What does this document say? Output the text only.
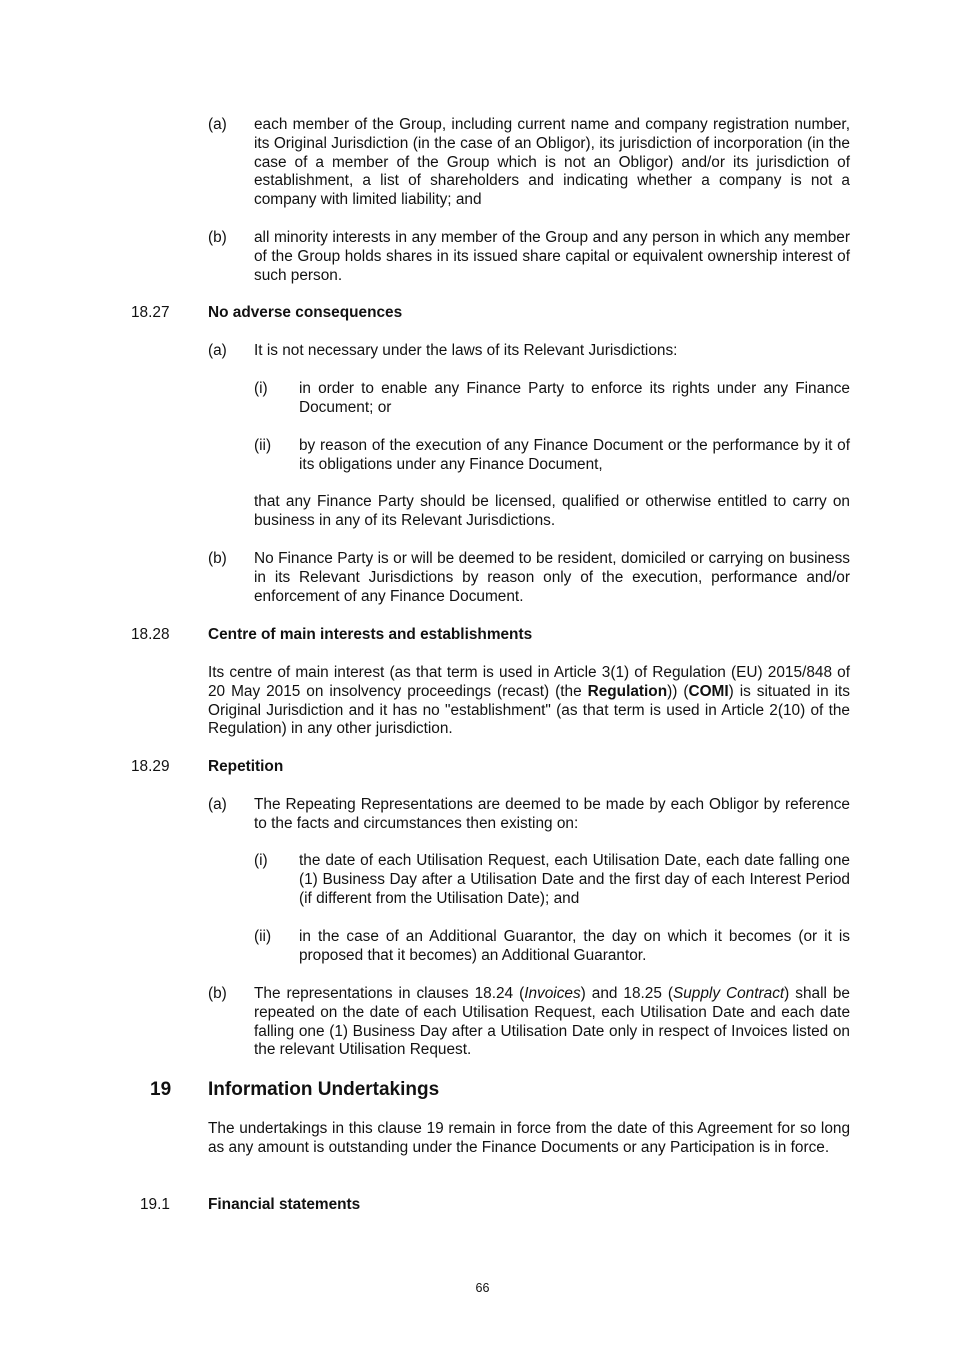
(a) each member of the Group, including current name and company registration number, its Original Jurisdiction (in the case of an Obligor), its jurisdiction of incorporation (in the case of a member of the Group which is not an Obligor) and/or its jurisdiction of establishment, a list of shareholders and indicating whether a company is not a company with limited liability; and
(b) all minority interests in any member of the Group and any person in which any member of the Group holds shares in its issued share capital or equivalent ownership interest of such person.
18.27 No adverse consequences
(a) It is not necessary under the laws of its Relevant Jurisdictions:
(i) in order to enable any Finance Party to enforce its rights under any Finance Document; or
(ii) by reason of the execution of any Finance Document or the performance by it of its obligations under any Finance Document,
that any Finance Party should be licensed, qualified or otherwise entitled to carry on business in any of its Relevant Jurisdictions.
(b) No Finance Party is or will be deemed to be resident, domiciled or carrying on business in its Relevant Jurisdictions by reason only of the execution, performance and/or enforcement of any Finance Document.
18.28 Centre of main interests and establishments
Its centre of main interest (as that term is used in Article 3(1) of Regulation (EU) 2015/848 of 20 May 2015 on insolvency proceedings (recast) (the Regulation)) (COMI) is situated in its Original Jurisdiction and it has no "establishment" (as that term is used in Article 2(10) of the Regulation) in any other jurisdiction.
18.29 Repetition
(a) The Repeating Representations are deemed to be made by each Obligor by reference to the facts and circumstances then existing on:
(i) the date of each Utilisation Request, each Utilisation Date, each date falling one (1) Business Day after a Utilisation Date and the first day of each Interest Period (if different from the Utilisation Date); and
(ii) in the case of an Additional Guarantor, the day on which it becomes (or it is proposed that it becomes) an Additional Guarantor.
(b) The representations in clauses 18.24 (Invoices) and 18.25 (Supply Contract) shall be repeated on the date of each Utilisation Request, each Utilisation Date and each date falling one (1) Business Day after a Utilisation Date only in respect of Invoices listed on the relevant Utilisation Request.
19 Information Undertakings
The undertakings in this clause 19 remain in force from the date of this Agreement for so long as any amount is outstanding under the Finance Documents or any Participation is in force.
19.1 Financial statements
66
